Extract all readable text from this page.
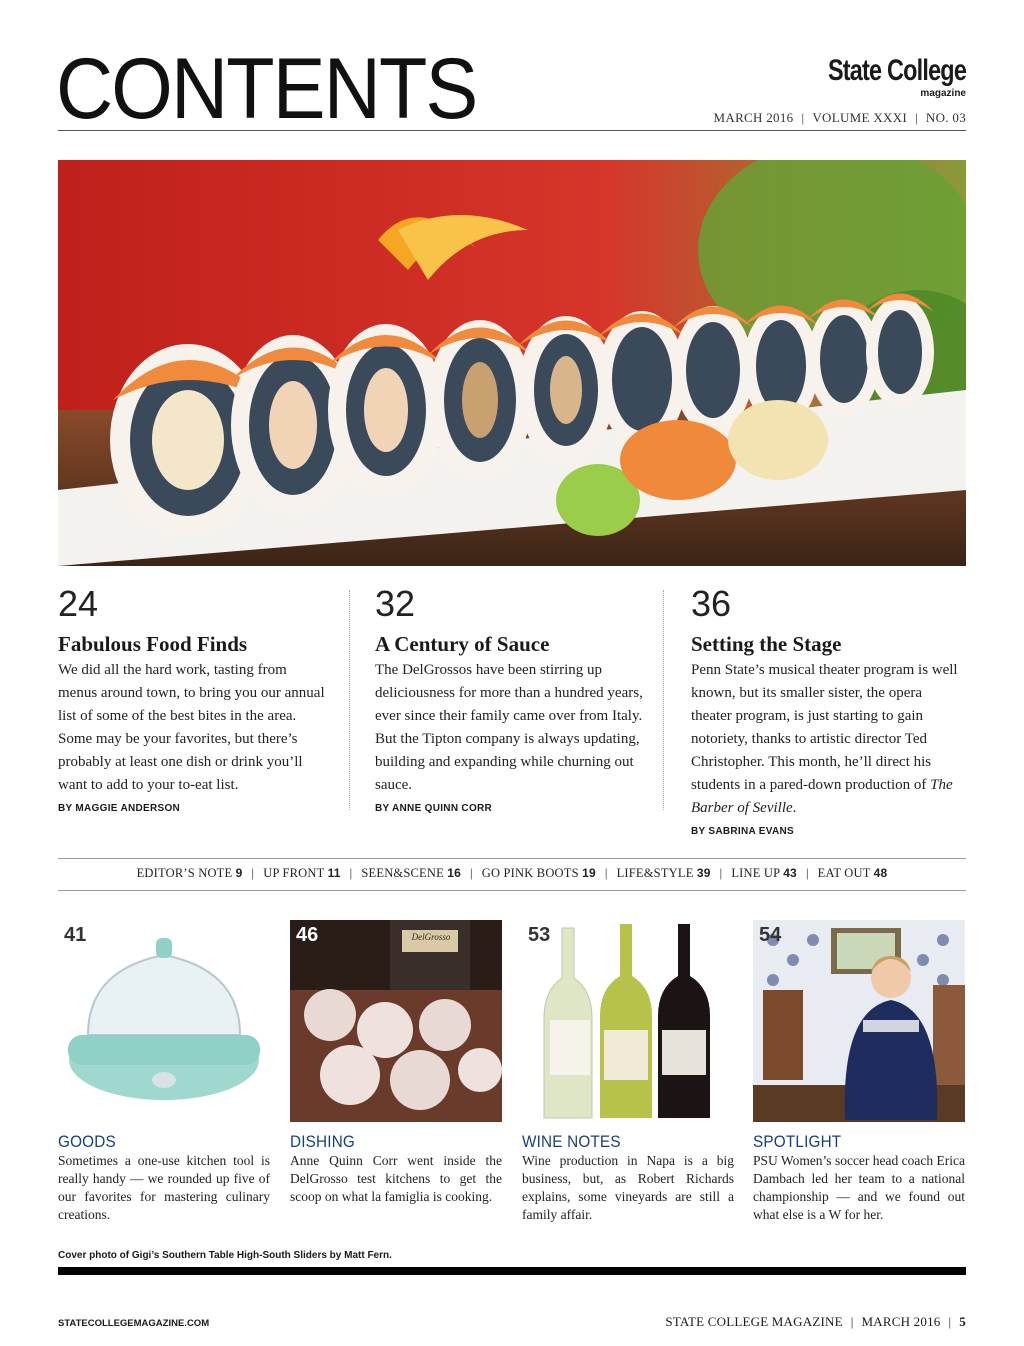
CONTENTS	State College
magazine
MARCH 2016 | VOLUME XXXI | NO. 03
24
Fabulous Food Finds
We did all the hard work, tasting from menus around town, to bring you our annual list of some of the best bites in the area. Some may be your favorites, but there’s probably at least one dish or drink you’ll want to add to your to-eat list.
BY MAGGIE ANDERSON
32
A Century of Sauce
The DelGrossos have been stirring up deliciousness for more than a hundred years, ever since their family came over from Italy. But the Tipton company is always updating, building and expanding while churning out sauce.
BY ANNE QUINN CORR
36
Setting the Stage
Penn State’s musical theater program is well known, but its smaller sister, the opera theater program, is just starting to gain notoriety, thanks to artistic director Ted Christopher. This month, he’ll direct his students in a pared-down production of The Barber of Seville.
BY SABRINA EVANS
EDITOR’S NOTE 9 | UP FRONT 11 | SEEN&SCENE 16 | GO PINK BOOTS 19 | LIFE&STYLE 39 | LINE UP 43 | EAT OUT 48
41
GOODS
Sometimes a one-use kitchen tool is really handy — we rounded up five of our favorites for mastering culinary creations.
46	DelGrosso
DISHING
Anne Quinn Corr went inside the DelGrosso test kitchens to get the scoop on what la famiglia is cooking.
53
WINE NOTES
Wine production in Napa is a big business, but, as Robert Richards explains, some vineyards are still a family affair.
54
SPOTLIGHT
PSU Women’s soccer head coach Erica Dambach led her team to a national championship — and we found out what else is a W for her.
Cover photo of Gigi’s Southern Table High-South Sliders by Matt Fern.
STATECOLLEGEMAGAZINE.COM	STATE COLLEGE MAGAZINE | MARCH 2016 | 5
